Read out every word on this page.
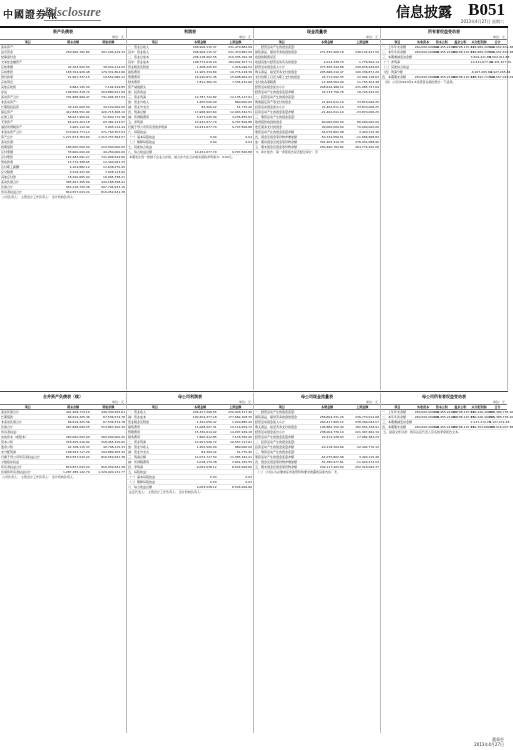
中國證券報
Disclosure	信息披露 B051
2013年4月27日 星期六
董事会
2013年4月27日
资产负债表
单位：元
项目	期末余额	期初余额
流动资产：		
货币资金	250,460,762.82	301,205,419.33
结算备付金		
交易性金融资产		
应收票据	42,163,500.00	38,920,114.20
应收账款	183,704,926.48	170,331,802.66
预付款项	21,907,337.15	19,552,080.41
应收利息		
其他应收款	6,882,145.30	7,104,229.85
存货	196,550,318.72	204,880,611.09
流动资产合计	701,668,990.47	741,994,257.54
非流动资产：		
长期股权投资	30,120,000.00	30,120,000.00
固定资产	412,836,551.90	420,715,308.14
在建工程	58,227,905.61	51,640,772.38
无形资产	64,915,203.18	65,382,114.07
递延所得税资产	3,905,112.44	3,905,112.44
非流动资产合计	570,004,773.13	571,763,307.03
资产总计	1,271,673,763.60	1,313,757,564.57
流动负债：		
短期借款	180,000,000.00	210,000,000.00
应付票据	35,600,000.00	40,250,000.00
应付账款	122,483,091.27	131,906,544.80
预收款项	14,772,308.65	12,440,091.33
应付职工薪酬	9,104,882.12	11,638,270.45
应交税费	5,316,447.90	7,028,113.62
其他应付款	18,220,665.04	16,905,338.21
流动负债合计	385,497,395.00	430,168,358.41
负债合计	452,116,720.36	497,704,933.19
所有者权益合计	819,557,043.24	816,052,631.38
公司负责人： 主管会计工作负责人： 会计机构负责人：
利润表
单位：元
项目	本期金额	上期金额
一、营业总收入	248,906,115.37	231,470,882.09
其中：营业收入	248,906,115.37	231,470,882.09
二、营业总成本	236,118,402.55	219,335,764.18
其中：营业成本	198,772,610.24	184,902,357.71
营业税金及附加	1,408,225.63	1,316,090.52
销售费用	11,905,334.80	10,774,218.36
管理费用	16,220,871.45	15,008,664.93
财务费用	7,811,360.43	7,334,432.66
资产减值损失		
加：投资收益		
三、营业利润	12,787,712.82	12,135,117.91
加：营业外收入	1,205,500.00	860,000.00
减：营业外支出	84,309.22	51,775.40
四、利润总额	13,908,903.60	12,943,342.51
减：所得税费用	3,477,225.90	3,235,835.63
五、净利润	10,431,677.70	9,707,506.88
归属于母公司所有者的净利润	10,431,677.70	9,707,506.88
六、每股收益：		
（一）基本每股收益	0.04	0.04
（二）稀释每股收益	0.04	0.04
七、其他综合收益		
八、综合收益总额	10,431,677.70	9,707,506.88
本期发生同一控制下企业合并的，被合并方在合并前实现的净利润为：0.00元。
现金流量表
单位：元
项目	本期金额	上期金额
一、经营活动产生的现金流量：		
销售商品、提供劳务收到的现金	271,335,906.18	248,102,447.55
收到的税费返还		
收到其他与经营活动有关的现金	2,014,338.70	1,776,502.14
经营活动现金流入小计	273,350,244.88	249,878,949.69
购买商品、接受劳务支付的现金	205,668,219.47	190,336,871.20
支付给职工以及为职工支付的现金	24,771,092.35	22,904,118.63
支付的各项税费	12,308,564.90	11,755,203.48
经营活动现金流出小计	248,616,488.12	231,085,727.64
经营活动产生的现金流量净额	24,733,756.76	18,793,222.05
二、投资活动产生的现金流量：		
购建固定资产等支付的现金	21,402,611.19	33,870,006.25
投资活动现金流出小计	21,402,611.19	33,870,006.25
投资活动产生的现金流量净额	-21,402,611.19	-33,870,006.25
三、筹资活动产生的现金流量：		
取得借款收到的现金	60,000,000.00	80,000,000.00
偿还债务支付的现金	90,000,000.00	70,000,000.00
筹资活动产生的现金流量净额	-54,075,802.08	3,420,115.36
四、现金及现金等价物净增加额	-50,744,656.51	-11,656,668.84
加：期初现金及现金等价物余额	301,205,419.33	276,431,088.90
五、期末现金及现金等价物余额	250,460,762.82	264,774,420.06
3、审计报告：第一季度报告是否经过审计：否
所有者权益变动表
单位：元
项目	实收资本	资本公积	盈余公积	未分配利润	合计
一、上年年末余额	260,000,000.00	318,455,210.62	42,708,115.33	194,889,305.43	816,052,631.38
二、本年年初余额	260,000,000.00	318,455,210.62	42,708,115.33	194,889,305.43	816,052,631.38
三、本期增减变动金额				3,504,411.86	3,504,411.86
（一）净利润				10,431,677.70	10,431,677.70
（二）其他综合收益					
（四）利润分配				-6,927,265.84	-6,927,265.84
四、本期期末余额	260,000,000.00	318,455,210.62	42,708,115.33	198,393,717.29	819,557,043.24
（四）公司对2013年1-6月经营业绩的预计：不适用。
合并资产负债表（续）
单位：元
项目	期末余额	期初余额
流动负债合计	401,208,774.19	446,330,925.61
长期借款	66,619,325.36	67,536,574.78
非流动负债合计	66,619,325.36	67,536,574.78
负债合计	467,828,099.55	513,867,500.39
所有者权益：		
实收资本（或股本）	260,000,000.00	260,000,000.00
资本公积	318,455,210.62	318,455,210.62
盈余公积	42,708,115.33	42,708,115.33
未分配利润	198,393,717.29	194,889,305.43
归属于母公司所有者权益合计	819,557,043.24	816,052,631.38
少数股东权益		
所有者权益合计	819,557,043.24	816,052,631.38
负债和所有者权益总计	1,287,385,142.79	1,329,920,131.77
公司负责人： 主管会计工作负责人： 会计机构负责人：
母公司利润表
单位：元
项目	本期金额	上期金额
一、营业收入	236,417,208.55	220,903,317.46
减：营业成本	190,204,377.18	177,662,108.35
营业税金及附加	1,322,050.47	1,240,885.20
销售费用	11,008,227.31	10,116,509.72
管理费用	15,330,614.02	14,207,936.18
财务费用	7,600,412.85	7,118,760.40
二、营业利润	10,951,526.72	10,557,117.61
加：营业外收入	1,205,500.00	860,000.00
减：营业外支出	84,309.22	51,775.40
三、利润总额	12,072,717.50	11,365,342.21
减：所得税费用	3,018,179.38	2,841,335.55
四、净利润	9,054,538.12	8,524,006.66
五、每股收益：		
（一）基本每股收益	0.03	0.03
（二）稀释每股收益	0.03	0.03
六、综合收益总额	9,054,538.12	8,524,006.66
法定代表人： 主管会计工作负责人： 会计机构负责人：
母公司现金流量表
单位：元
项目	本期金额	上期金额
一、经营活动产生的现金流量：		
销售商品、提供劳务收到的现金	258,604,331.26	236,770,912.08
经营活动现金流入小计	260,417,905.12	238,390,044.57
购买商品、接受劳务支付的现金	196,882,150.40	182,054,338.91
经营活动现金流出小计	238,004,776.19	221,307,662.34
经营活动产生的现金流量净额	22,413,128.93	17,082,382.23
二、投资活动产生的现金流量：		
投资活动产生的现金流量净额	-20,118,304.66	-32,445,770.12
三、筹资活动产生的现金流量：		
筹资活动产生的现金流量净额	-54,075,802.08	3,420,115.36
四、现金及现金等价物净增加额	-51,780,977.81	-11,943,272.53
五、期末现金及现金等价物余额	239,117,405.60	252,316,094.37
（二）公司认为必要或证券监管机构要求披露的其他内容：无。
母公司所有者权益变动表
单位：元
项目	实收资本	资本公积	盈余公积	未分配利润	合计
一、上年年末余额	260,000,000.00	318,455,210.62	42,708,115.33	180,226,409.15	801,389,735.10
二、本年年初余额	260,000,000.00	318,455,210.62	42,708,115.33	180,226,409.15	801,389,735.10
三、本期增减变动金额				2,127,272.28	2,127,272.28
四、本期期末余额	260,000,000.00	318,455,210.62	42,708,115.33	182,353,681.43	803,516,007.38
五、备查文件目录：载有法定代表人签名的季度报告文本。
